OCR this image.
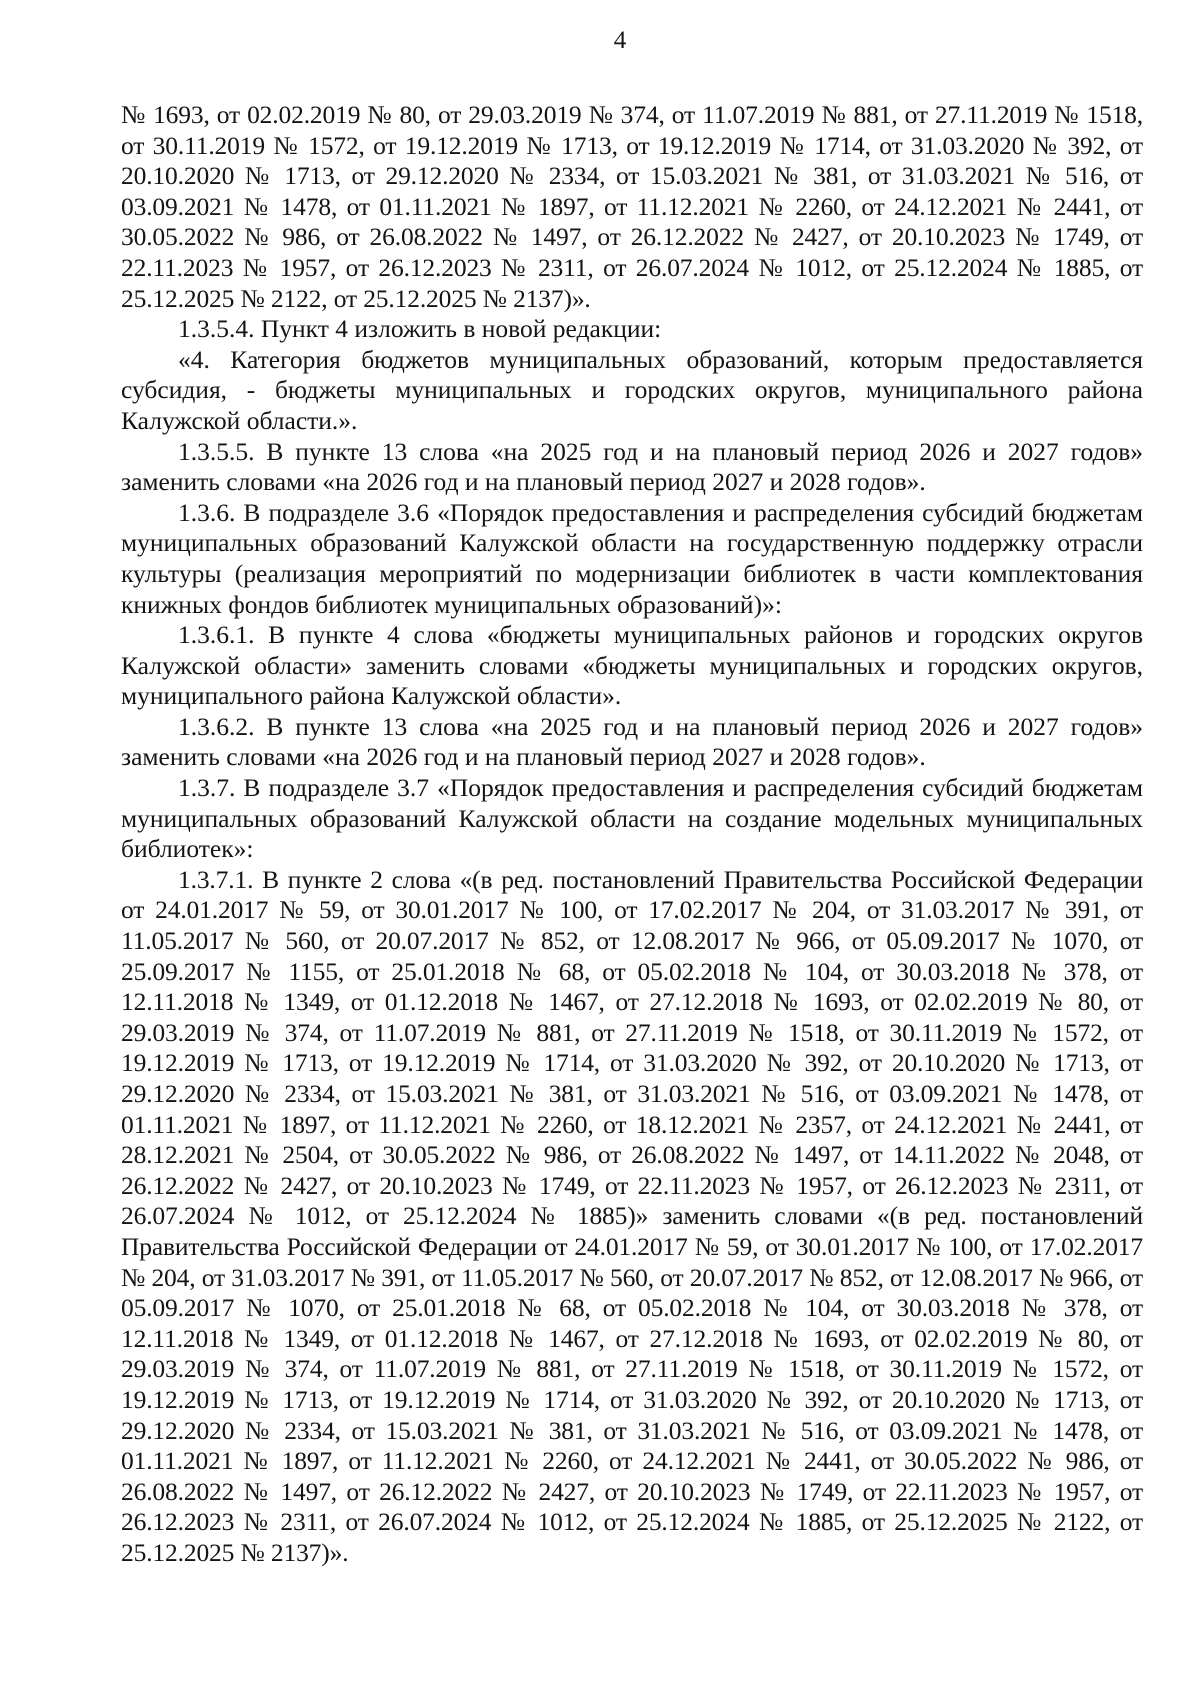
4

№ 1693, от 02.02.2019 № 80, от 29.03.2019 № 374, от 11.07.2019 № 881, от 27.11.2019 № 1518, от 30.11.2019 № 1572, от 19.12.2019 № 1713, от 19.12.2019 № 1714, от 31.03.2020 № 392, от 20.10.2020 № 1713, от 29.12.2020 № 2334, от 15.03.2021 № 381, от 31.03.2021 № 516, от 03.09.2021 № 1478, от 01.11.2021 № 1897, от 11.12.2021 № 2260, от 24.12.2021 № 2441, от 30.05.2022 № 986, от 26.08.2022 № 1497, от 26.12.2022 № 2427, от 20.10.2023 № 1749, от 22.11.2023 № 1957, от 26.12.2023 № 2311, от 26.07.2024 № 1012, от 25.12.2024 № 1885, от 25.12.2025 № 2122, от 25.12.2025 № 2137)».

1.3.5.4. Пункт 4 изложить в новой редакции:

«4. Категория бюджетов муниципальных образований, которым предоставляется субсидия, - бюджеты муниципальных и городских округов, муниципального района Калужской области.».

1.3.5.5. В пункте 13 слова «на 2025 год и на плановый период 2026 и 2027 годов» заменить словами «на 2026 год и на плановый период 2027 и 2028 годов».

1.3.6. В подразделе 3.6 «Порядок предоставления и распределения субсидий бюджетам муниципальных образований Калужской области на государственную поддержку отрасли культуры (реализация мероприятий по модернизации библиотек в части комплектования книжных фондов библиотек муниципальных образований)»:

1.3.6.1. В пункте 4 слова «бюджеты муниципальных районов и городских округов Калужской области» заменить словами «бюджеты муниципальных и городских округов, муниципального района Калужской области».

1.3.6.2. В пункте 13 слова «на 2025 год и на плановый период 2026 и 2027 годов» заменить словами «на 2026 год и на плановый период 2027 и 2028 годов».

1.3.7. В подразделе 3.7 «Порядок предоставления и распределения субсидий бюджетам муниципальных образований Калужской области на создание модельных муниципальных библиотек»:

1.3.7.1. В пункте 2 слова «(в ред. постановлений Правительства Российской Федерации от 24.01.2017 № 59, от 30.01.2017 № 100, от 17.02.2017 № 204, от 31.03.2017 № 391, от 11.05.2017 № 560, от 20.07.2017 № 852, от 12.08.2017 № 966, от 05.09.2017 № 1070, от 25.09.2017 № 1155, от 25.01.2018 № 68, от 05.02.2018 № 104, от 30.03.2018 № 378, от 12.11.2018 № 1349, от 01.12.2018 № 1467, от 27.12.2018 № 1693, от 02.02.2019 № 80, от 29.03.2019 № 374, от 11.07.2019 № 881, от 27.11.2019 № 1518, от 30.11.2019 № 1572, от 19.12.2019 № 1713, от 19.12.2019 № 1714, от 31.03.2020 № 392, от 20.10.2020 № 1713, от 29.12.2020 № 2334, от 15.03.2021 № 381, от 31.03.2021 № 516, от 03.09.2021 № 1478, от 01.11.2021 № 1897, от 11.12.2021 № 2260, от 18.12.2021 № 2357, от 24.12.2021 № 2441, от 28.12.2021 № 2504, от 30.05.2022 № 986, от 26.08.2022 № 1497, от 14.11.2022 № 2048, от 26.12.2022 № 2427, от 20.10.2023 № 1749, от 22.11.2023 № 1957, от 26.12.2023 № 2311, от 26.07.2024 № 1012, от 25.12.2024 № 1885)» заменить словами «(в ред. постановлений Правительства Российской Федерации от 24.01.2017 № 59, от 30.01.2017 № 100, от 17.02.2017 № 204, от 31.03.2017 № 391, от 11.05.2017 № 560, от 20.07.2017 № 852, от 12.08.2017 № 966, от 05.09.2017 № 1070, от 25.01.2018 № 68, от 05.02.2018 № 104, от 30.03.2018 № 378, от 12.11.2018 № 1349, от 01.12.2018 № 1467, от 27.12.2018 № 1693, от 02.02.2019 № 80, от 29.03.2019 № 374, от 11.07.2019 № 881, от 27.11.2019 № 1518, от 30.11.2019 № 1572, от 19.12.2019 № 1713, от 19.12.2019 № 1714, от 31.03.2020 № 392, от 20.10.2020 № 1713, от 29.12.2020 № 2334, от 15.03.2021 № 381, от 31.03.2021 № 516, от 03.09.2021 № 1478, от 01.11.2021 № 1897, от 11.12.2021 № 2260, от 24.12.2021 № 2441, от 30.05.2022 № 986, от 26.08.2022 № 1497, от 26.12.2022 № 2427, от 20.10.2023 № 1749, от 22.11.2023 № 1957, от 26.12.2023 № 2311, от 26.07.2024 № 1012, от 25.12.2024 № 1885, от 25.12.2025 № 2122, от 25.12.2025 № 2137)».
